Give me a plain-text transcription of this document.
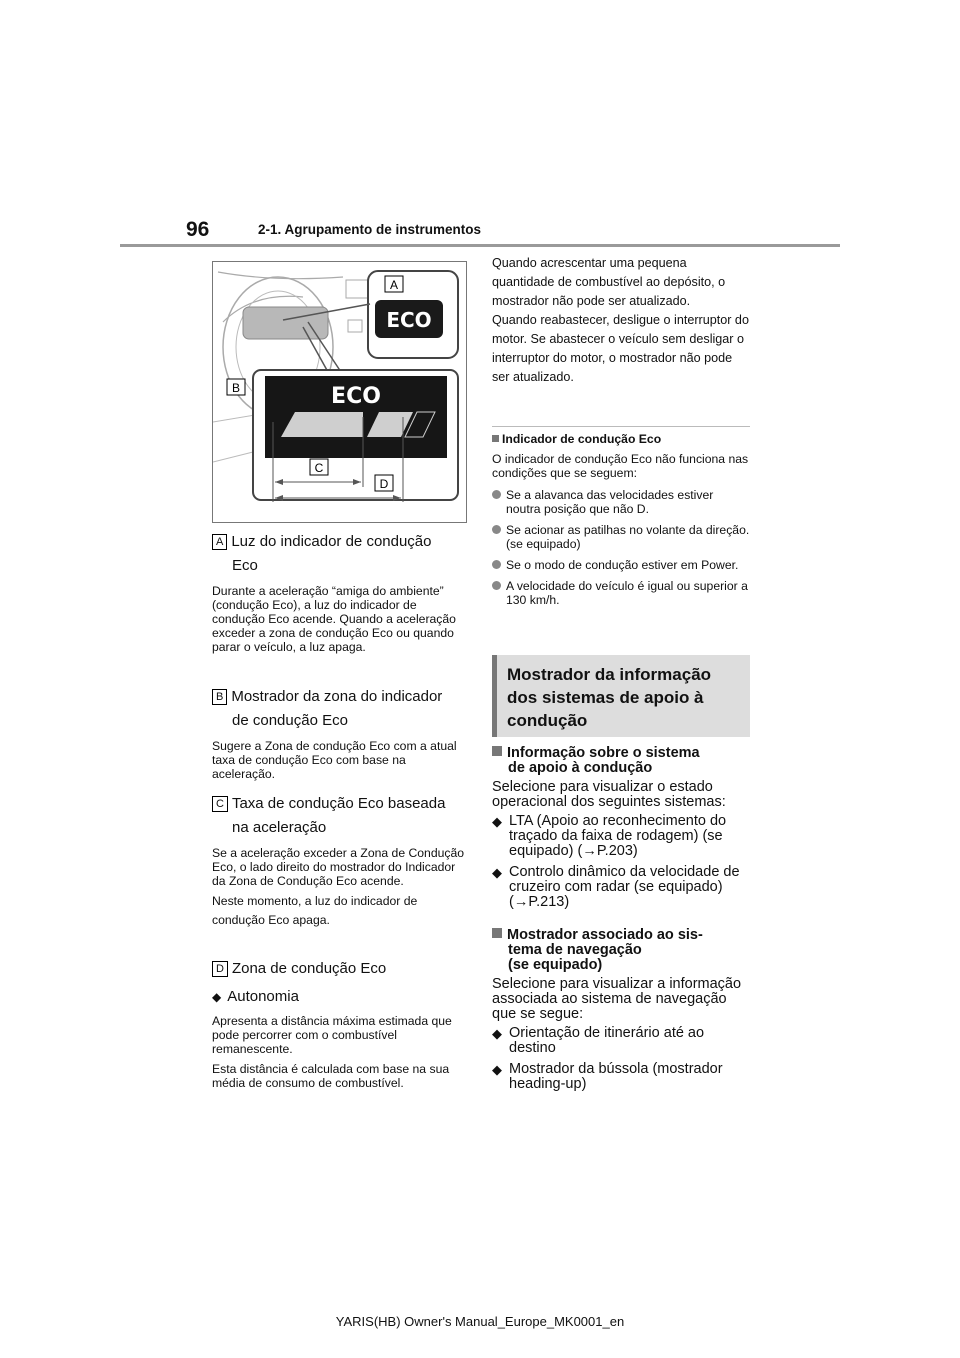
96	2-1. Agrupamento de instrumentos
ECO
A
ECO
B
C
D
A Luz do indicador de condução
Eco

Durante a aceleração “amiga do ambiente” (condução Eco), a luz do indicador de condução Eco acende. Quando a aceleração exceder a zona de condução Eco ou quando parar o veículo, a luz apaga.

B Mostrador da zona do indicador
de condução Eco

Sugere a Zona de condução Eco com a atual taxa de condução Eco com base na aceleração.

C Taxa de condução Eco baseada
na aceleração

Se a aceleração exceder a Zona de Condução Eco, o lado direito do mostrador do Indicador da Zona de Condução Eco acende.

Neste momento, a luz do indicador de condução Eco apaga.

D Zona de condução Eco
◆ Autonomia

Apresenta a distância máxima estimada que pode percorrer com o combustível remanescente.

Esta distância é calculada com base na sua média de consumo de combustível.

Quando acrescentar uma pequena quantidade de combustível ao depósito, o mostrador não pode ser atualizado.

Quando reabastecer, desligue o interruptor do motor. Se abastecer o veículo sem desligar o interruptor do motor, o mostrador não pode ser atualizado.

Indicador de condução Eco

O indicador de condução Eco não funciona nas condições que se seguem:

Se a alavanca das velocidades estiver noutra posição que não D.
Se acionar as patilhas no volante da direção. (se equipado)
Se o modo de condução estiver em Power.
A velocidade do veículo é igual ou superior a 130 km/h.
Mostrador da informação
dos sistemas de apoio à
condução
Informação sobre o sistema
de apoio à condução

Selecione para visualizar o estado operacional dos seguintes sistemas:

◆ LTA (Apoio ao reconhecimento do traçado da faixa de rodagem) (se equipado) (→P.203)
◆ Controlo dinâmico da velocidade de cruzeiro com radar (se equipado) (→P.213)
Mostrador associado ao sis-
tema de navegação
(se equipado)

Selecione para visualizar a informação associada ao sistema de navegação que se segue:

◆ Orientação de itinerário até ao destino
◆ Mostrador da bússola (mostrador heading-up)
YARIS(HB) Owner's Manual_Europe_MK0001_en
